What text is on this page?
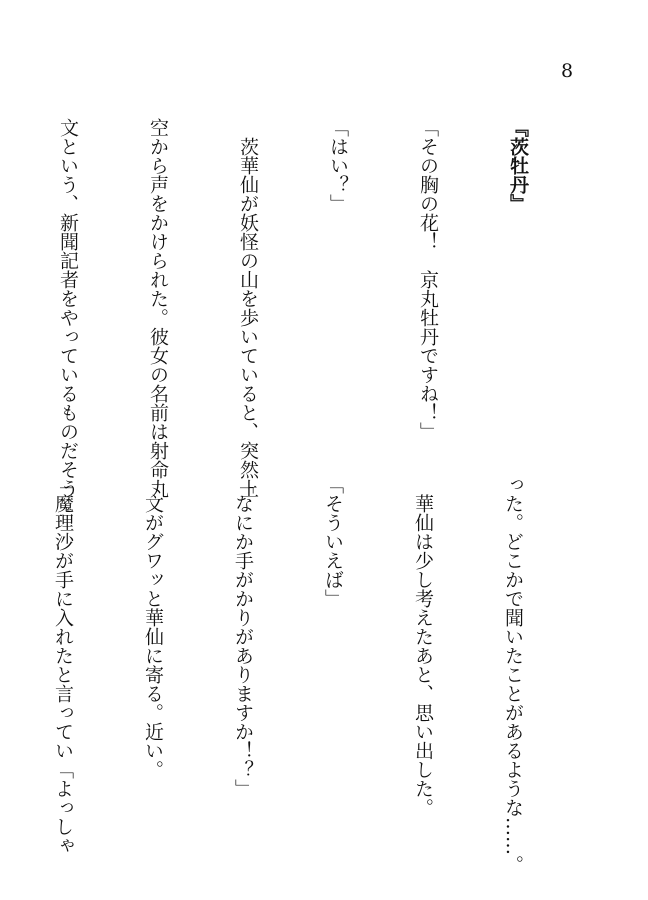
8

『茨牡丹』

「その胸の花！　京丸牡丹ですね！」

「はい？」

　茨華仙が妖怪の山を歩いていると、突然上

空から声をかけられた。彼女の名前は射命丸

文という、新聞記者をやっているものだそう

った。どこかで聞いたことがあるような……。

　華仙は少し考えたあと、思い出した。

「そういえば」

「なにか手がかりがありますか！？」

　文がグワッと華仙に寄る。近い。

「魔理沙が手に入れたと言ってい「よっしゃ
